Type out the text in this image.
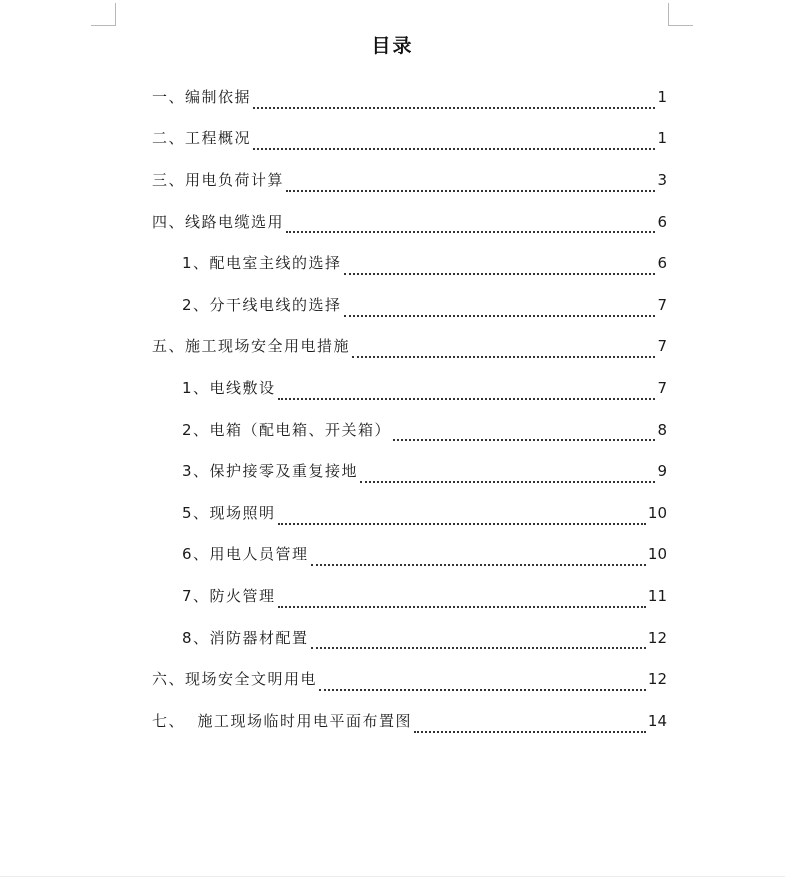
目录
一、编制依据	1
二、工程概况	1
三、用电负荷计算	3
四、线路电缆选用	6
1、配电室主线的选择	6
2、分干线电线的选择	7
五、施工现场安全用电措施	7
1、电线敷设	7
2、电箱（配电箱、开关箱）	8
3、保护接零及重复接地	9
5、现场照明	10
6、用电人员管理	10
7、防火管理	11
8、消防器材配置	12
六、现场安全文明用电	12
七、  施工现场临时用电平面布置图	14
